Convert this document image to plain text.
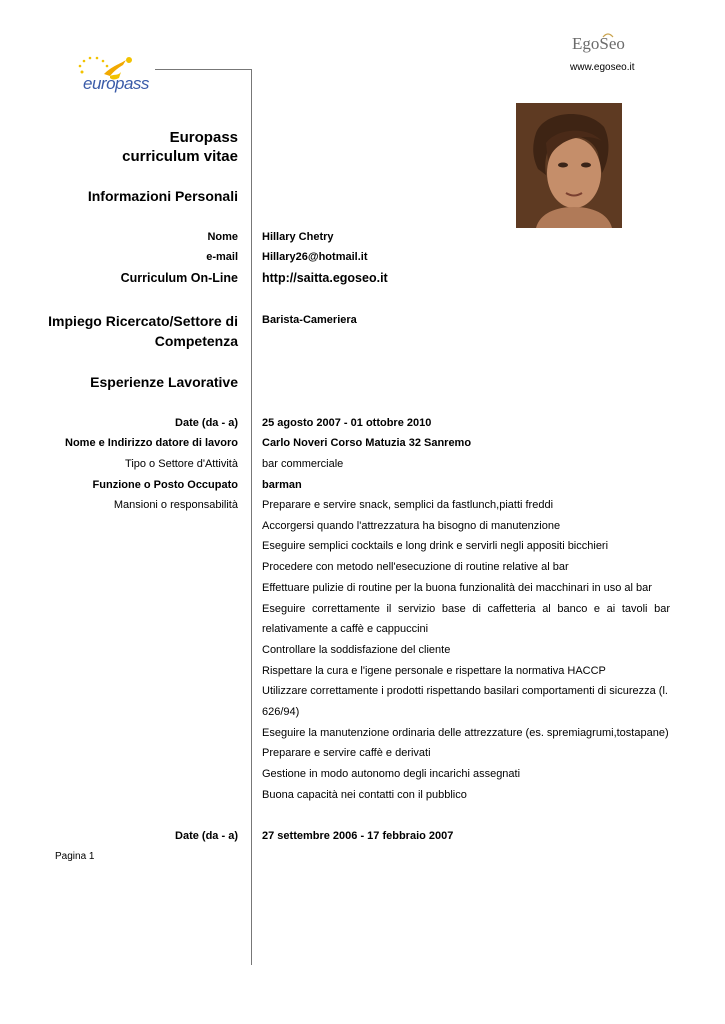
europass
EgoSeo
www.egoseo.it
Europass
curriculum vitae
Informazioni Personali
Nome Hillary Chetry
e-mail Hillary26@hotmail.it
Curriculum On-Line http://saitta.egoseo.it
Impiego Ricercato/Settore di
Competenza
Barista-Cameriera
Esperienze Lavorative
Date (da - a) 25 agosto 2007 - 01 ottobre 2010
Nome e Indirizzo datore di lavoro Carlo Noveri Corso Matuzia 32 Sanremo
Tipo o Settore d'Attività bar commerciale
Funzione o Posto Occupato barman
Mansioni o responsabilità Preparare e servire snack, semplici da fastlunch,piatti freddi
Accorgersi quando l'attrezzatura ha bisogno di manutenzione
Eseguire semplici cocktails e long drink e servirli negli appositi bicchieri
Procedere con metodo nell'esecuzione di routine relative al bar
Effettuare pulizie di routine per la buona funzionalità dei macchinari in uso al bar
Eseguire correttamente il servizio base di caffetteria al banco e ai tavoli bar
relativamente a caffè e cappuccini
Controllare la soddisfazione del cliente
Rispettare la cura e l'igene personale e rispettare la normativa HACCP
Utilizzare correttamente i prodotti rispettando basilari comportamenti di sicurezza (l.
626/94)
Eseguire la manutenzione ordinaria delle attrezzature (es. spremiagrumi,tostapane)
Preparare e servire caffè e derivati
Gestione in modo autonomo degli incarichi assegnati
Buona capacità nei contatti con il pubblico
Date (da - a) 27 settembre 2006 - 17 febbraio 2007
Pagina 1
